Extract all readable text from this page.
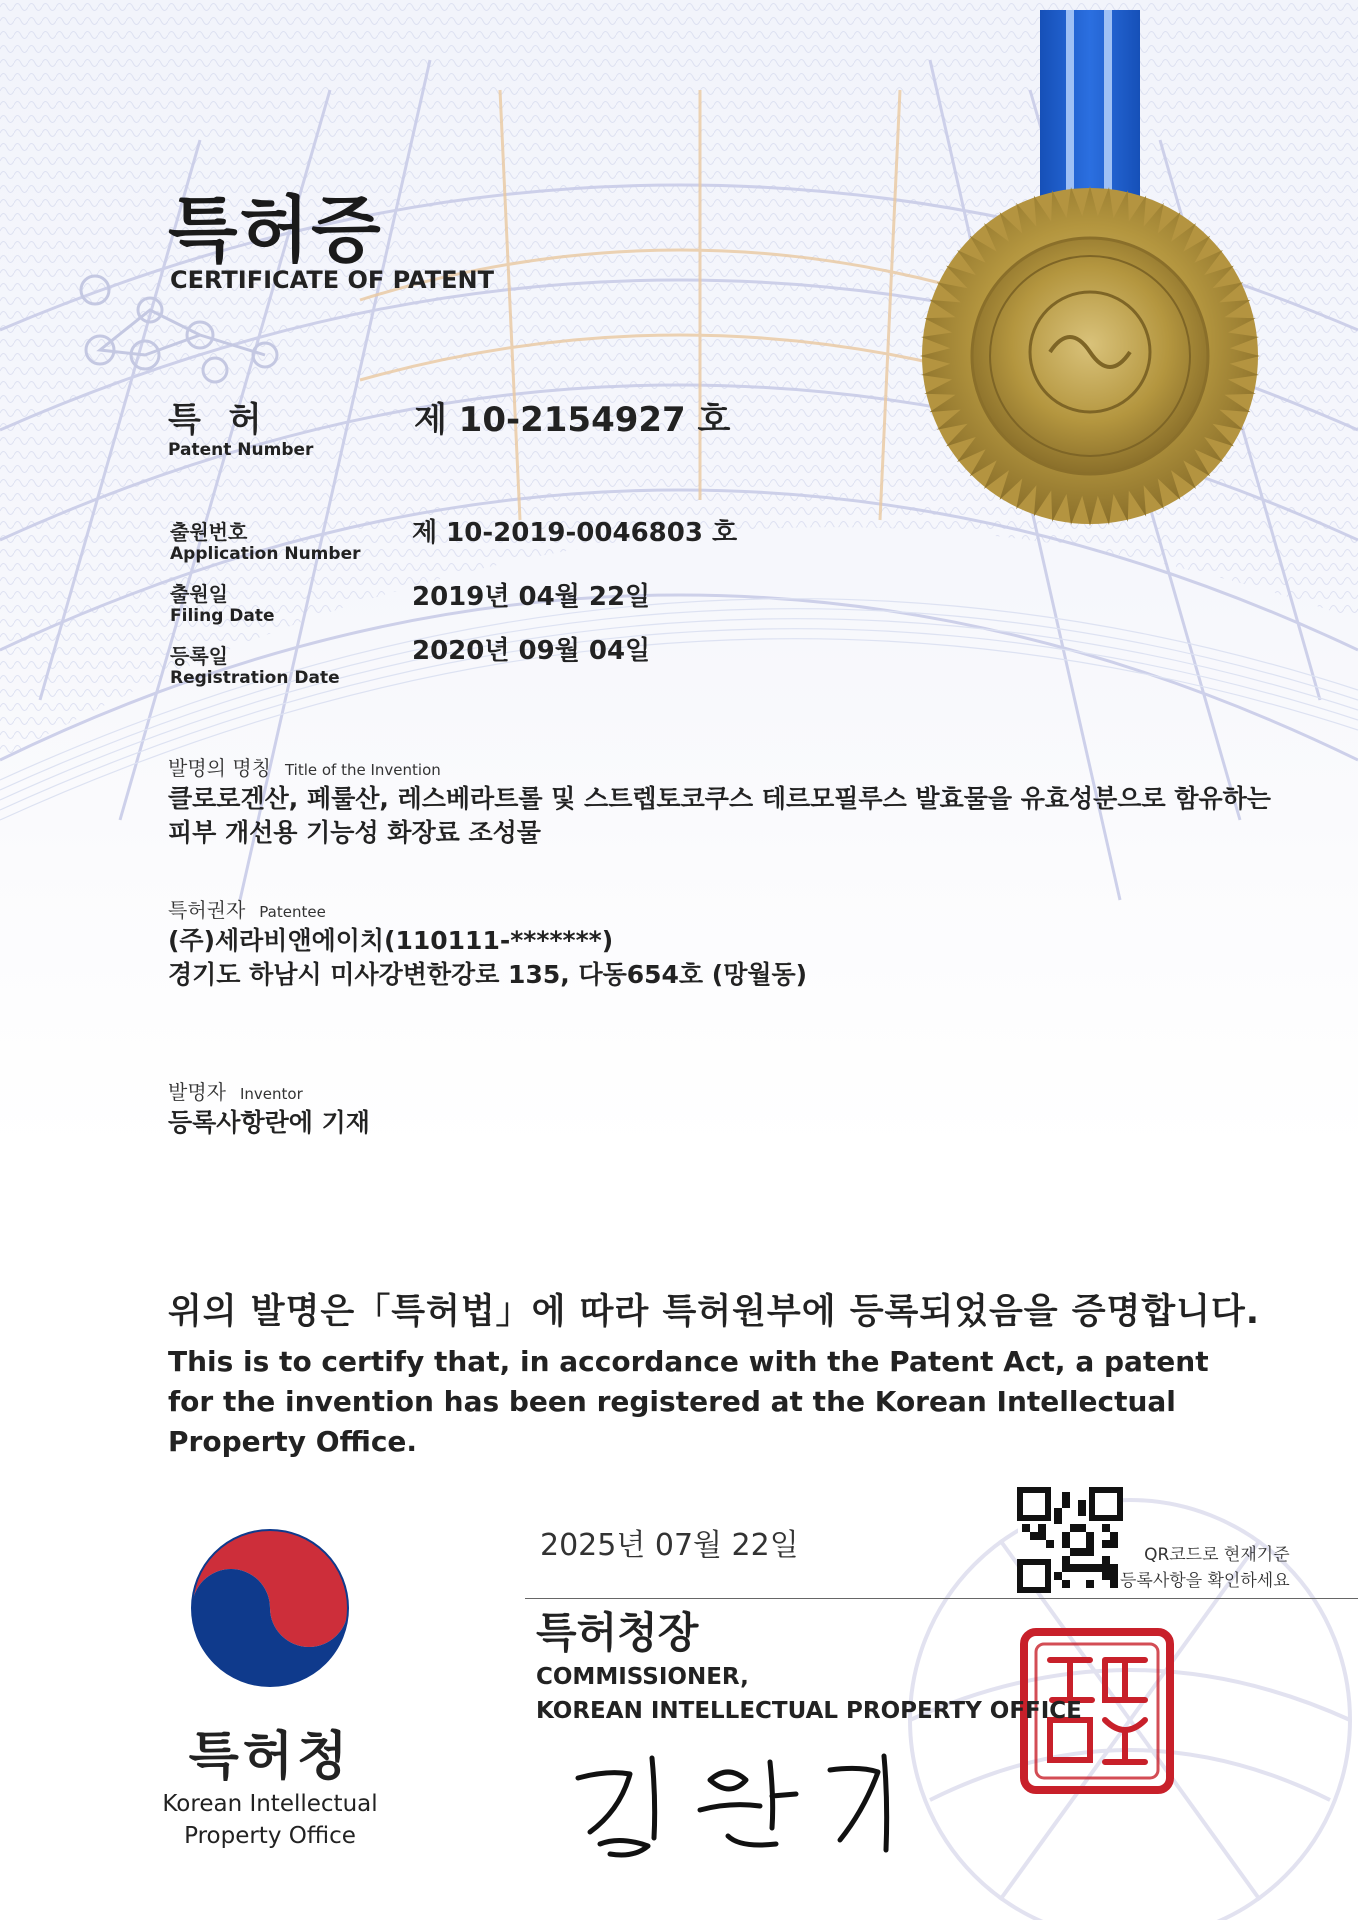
특허증
CERTIFICATE OF PATENT
특 허
Patent Number
제 10-2154927 호
출원번호
Application Number
제 10-2019-0046803 호
출원일
Filing Date
2019년 04월 22일
등록일
Registration Date
2020년 09월 04일
발명의 명칭 Title of the Invention
클로로겐산, 페룰산, 레스베라트롤 및 스트렙토코쿠스 테르모필루스 발효물을 유효성분으로 함유하는
피부 개선용 기능성 화장료 조성물
특허권자 Patentee
(주)세라비앤에이치(110111-*******)
경기도 하남시 미사강변한강로 135, 다동654호 (망월동)
발명자 Inventor
등록사항란에 기재
위의 발명은「특허법」에 따라 특허원부에 등록되었음을 증명합니다.
This is to certify that, in accordance with the Patent Act, a patent for the invention has been registered at the Korean Intellectual Property Office.
2025년 07월 22일
특허청장
COMMISSIONER,
KOREAN INTELLECTUAL PROPERTY OFFICE
QR코드로 현재기준
등록사항을 확인하세요
특허청
Korean Intellectual
Property Office
